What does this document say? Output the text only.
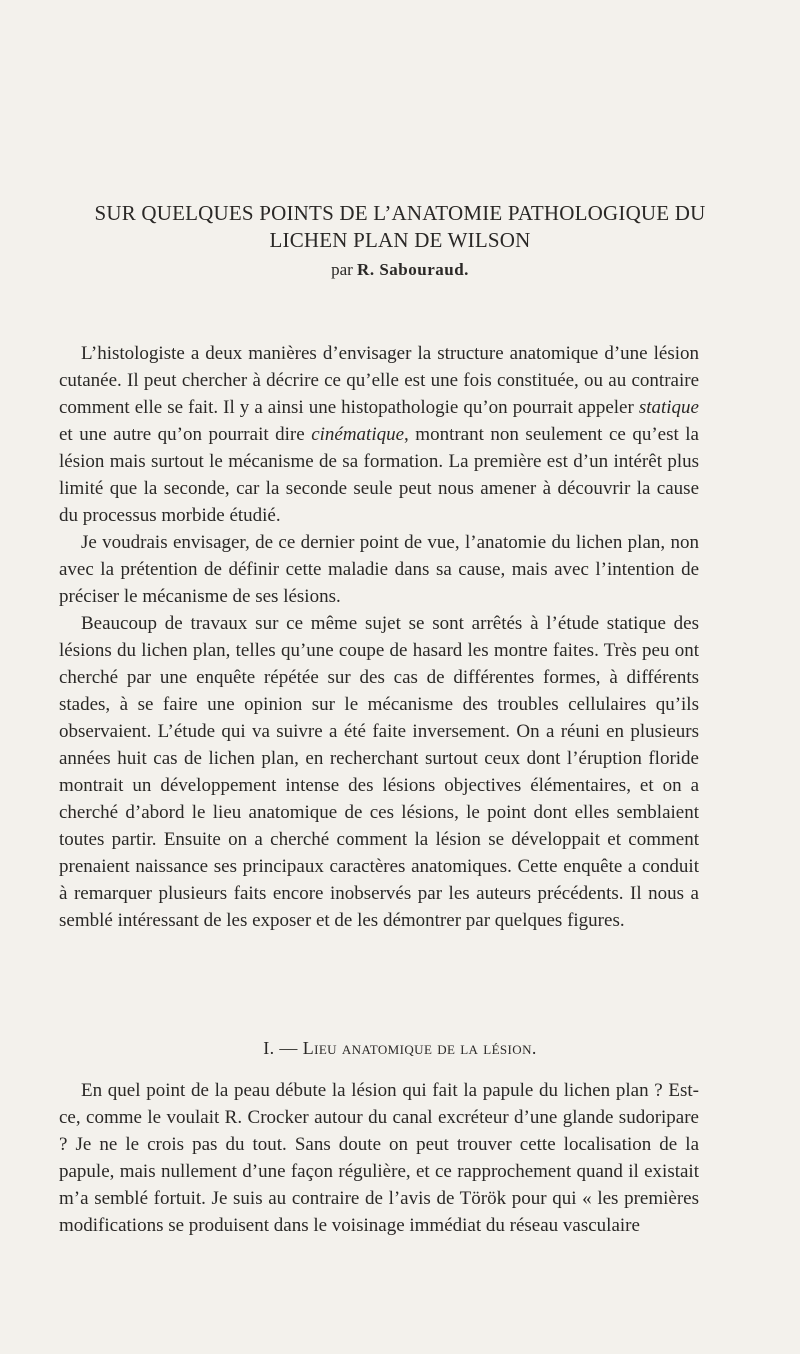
SUR QUELQUES POINTS DE L’ANATOMIE PATHOLOGIQUE DU
LICHEN PLAN DE WILSON
par R. Sabouraud.

L’histologiste a deux manières d’envisager la structure anatomique d’une lésion cutanée. Il peut chercher à décrire ce qu’elle est une fois constituée, ou au contraire comment elle se fait. Il y a ainsi une histopathologie qu’on pourrait appeler statique et une autre qu’on pourrait dire cinématique, montrant non seulement ce qu’est la lésion mais surtout le mécanisme de sa formation. La première est d’un intérêt plus limité que la seconde, car la seconde seule peut nous amener à découvrir la cause du processus morbide étudié.

Je voudrais envisager, de ce dernier point de vue, l’anatomie du lichen plan, non avec la prétention de définir cette maladie dans sa cause, mais avec l’intention de préciser le mécanisme de ses lésions.

Beaucoup de travaux sur ce même sujet se sont arrêtés à l’étude statique des lésions du lichen plan, telles qu’une coupe de hasard les montre faites. Très peu ont cherché par une enquête répétée sur des cas de différentes formes, à différents stades, à se faire une opinion sur le mécanisme des troubles cellulaires qu’ils observaient. L’étude qui va suivre a été faite inversement. On a réuni en plusieurs années huit cas de lichen plan, en recherchant surtout ceux dont l’éruption floride montrait un développement intense des lésions objectives élémentaires, et on a cherché d’abord le lieu anatomique de ces lésions, le point dont elles semblaient toutes partir. Ensuite on a cherché comment la lésion se développait et comment prenaient naissance ses principaux caractères anatomiques. Cette enquête a conduit à remarquer plusieurs faits encore inobservés par les auteurs précédents. Il nous a semblé intéressant de les exposer et de les démontrer par quelques figures.

I. — Lieu anatomique de la lésion.

En quel point de la peau débute la lésion qui fait la papule du lichen plan ? Est-ce, comme le voulait R. Crocker autour du canal excréteur d’une glande sudoripare ? Je ne le crois pas du tout. Sans doute on peut trouver cette localisation de la papule, mais nullement d’une façon régulière, et ce rapprochement quand il existait m’a semblé fortuit. Je suis au contraire de l’avis de Török pour qui « les premières modifications se produisent dans le voisinage immédiat du réseau vasculaire
